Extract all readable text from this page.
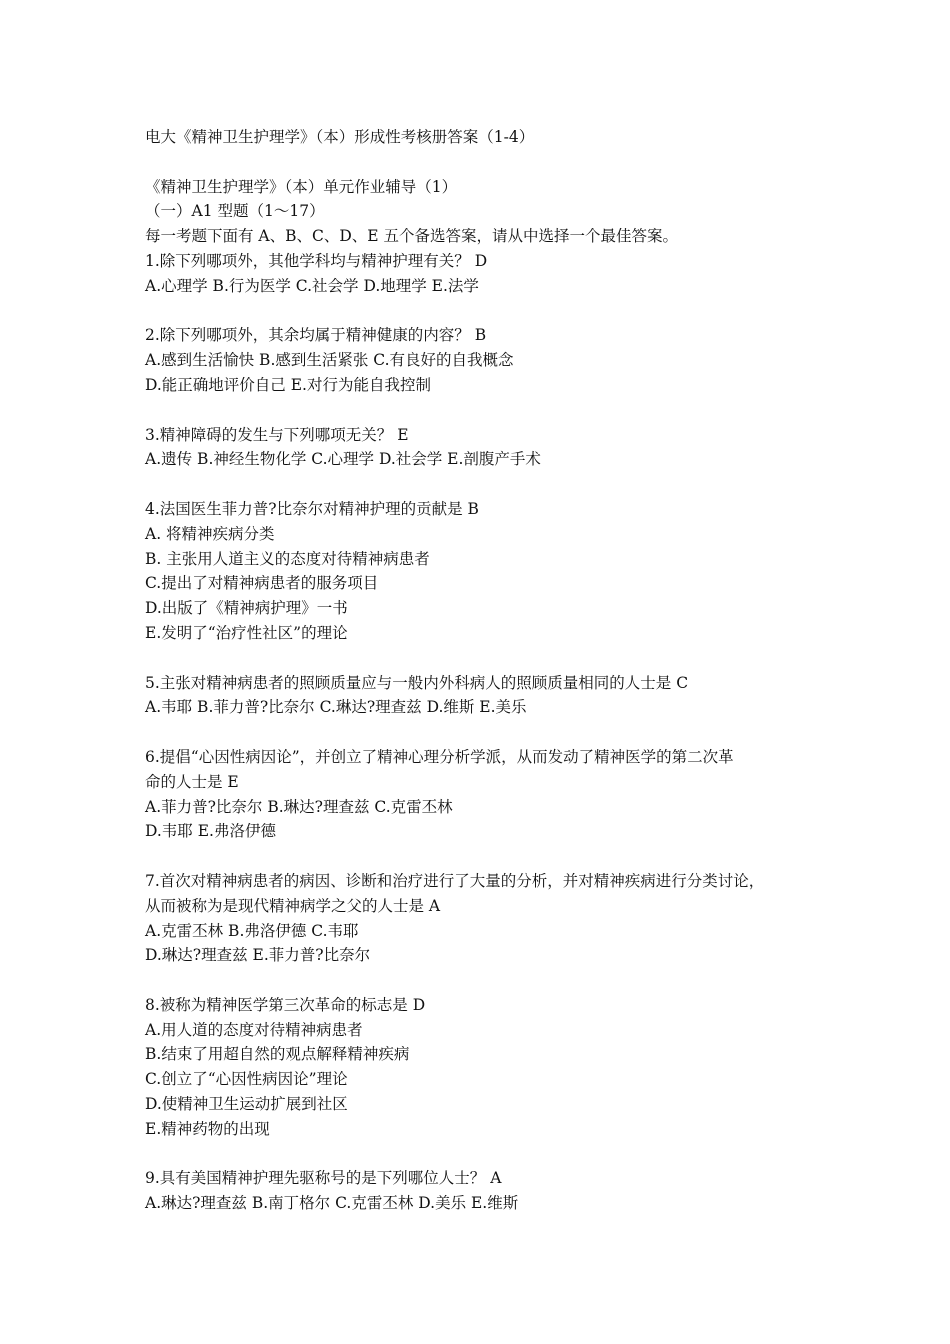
电大《精神卫生护理学》（本）形成性考核册答案（1-4）
《精神卫生护理学》（本）单元作业辅导（1）
（一）A1 型题（1～17）
每一考题下面有 A、B、C、D、E 五个备选答案，请从中选择一个最佳答案。
1.除下列哪项外，其他学科均与精神护理有关？ D
A.心理学 B.行为医学 C.社会学 D.地理学 E.法学
2.除下列哪项外，其余均属于精神健康的内容？ B
A.感到生活愉快 B.感到生活紧张 C.有良好的自我概念
D.能正确地评价自己 E.对行为能自我控制
3.精神障碍的发生与下列哪项无关？ E
A.遗传 B.神经生物化学 C.心理学 D.社会学 E.剖腹产手术
4.法国医生菲力普?比奈尔对精神护理的贡献是 B
A. 将精神疾病分类
B. 主张用人道主义的态度对待精神病患者
C.提出了对精神病患者的服务项目
D.出版了《精神病护理》一书
E.发明了“治疗性社区”的理论
5.主张对精神病患者的照顾质量应与一般内外科病人的照顾质量相同的人士是 C
A.韦耶 B.菲力普?比奈尔 C.琳达?理查兹 D.维斯 E.美乐
6.提倡“心因性病因论”，并创立了精神心理分析学派，从而发动了精神医学的第二次革
命的人士是 E
A.菲力普?比奈尔 B.琳达?理查兹 C.克雷丕林
D.韦耶 E.弗洛伊德
7.首次对精神病患者的病因、诊断和治疗进行了大量的分析，并对精神疾病进行分类讨论，
从而被称为是现代精神病学之父的人士是 A
A.克雷丕林 B.弗洛伊德 C.韦耶
D.琳达?理查兹 E.菲力普?比奈尔
8.被称为精神医学第三次革命的标志是 D
A.用人道的态度对待精神病患者
B.结束了用超自然的观点解释精神疾病
C.创立了“心因性病因论”理论
D.使精神卫生运动扩展到社区
E.精神药物的出现
9.具有美国精神护理先驱称号的是下列哪位人士？ A
A.琳达?理查兹 B.南丁格尔 C.克雷丕林 D.美乐 E.维斯
